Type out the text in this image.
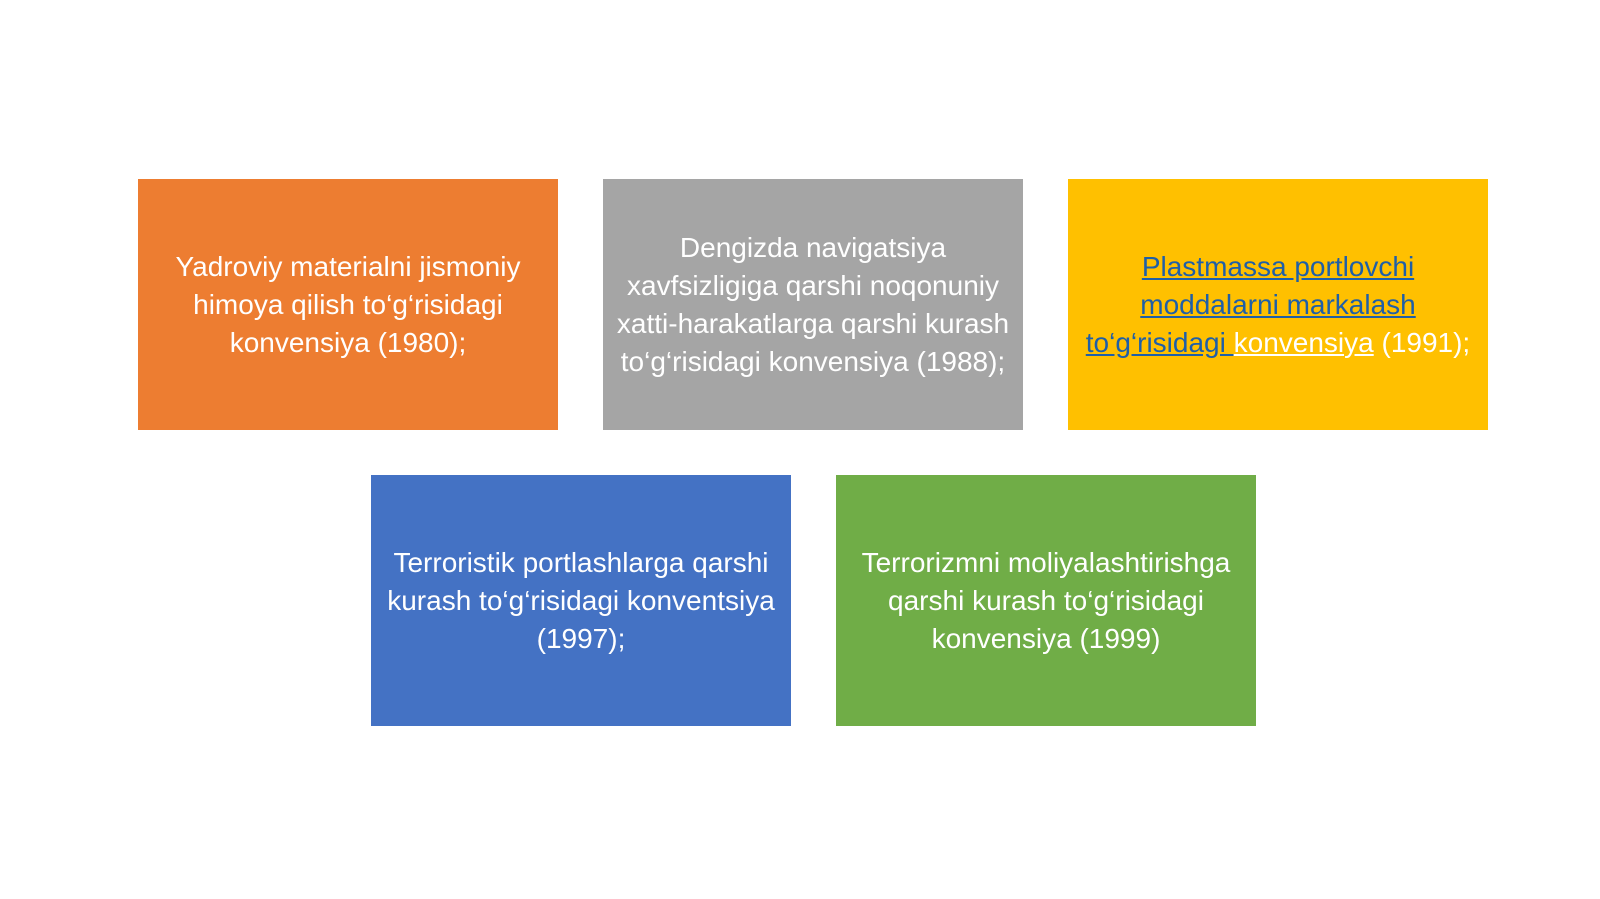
Yadroviy materialni jismoniy himoya qilish to‘g‘risidagi konvensiya (1980);
Dengizda navigatsiya xavfsizligiga qarshi noqonuniy xatti-harakatlarga qarshi kurash to‘g‘risidagi konvensiya (1988);
Plastmassa portlovchi moddalarni markalash to‘g‘risidagi konvensiya (1991);
Terroristik portlashlarga qarshi kurash to‘g‘risidagi konventsiya (1997);
Terrorizmni moliyalashtirishga qarshi kurash to‘g‘risidagi konvensiya (1999)
